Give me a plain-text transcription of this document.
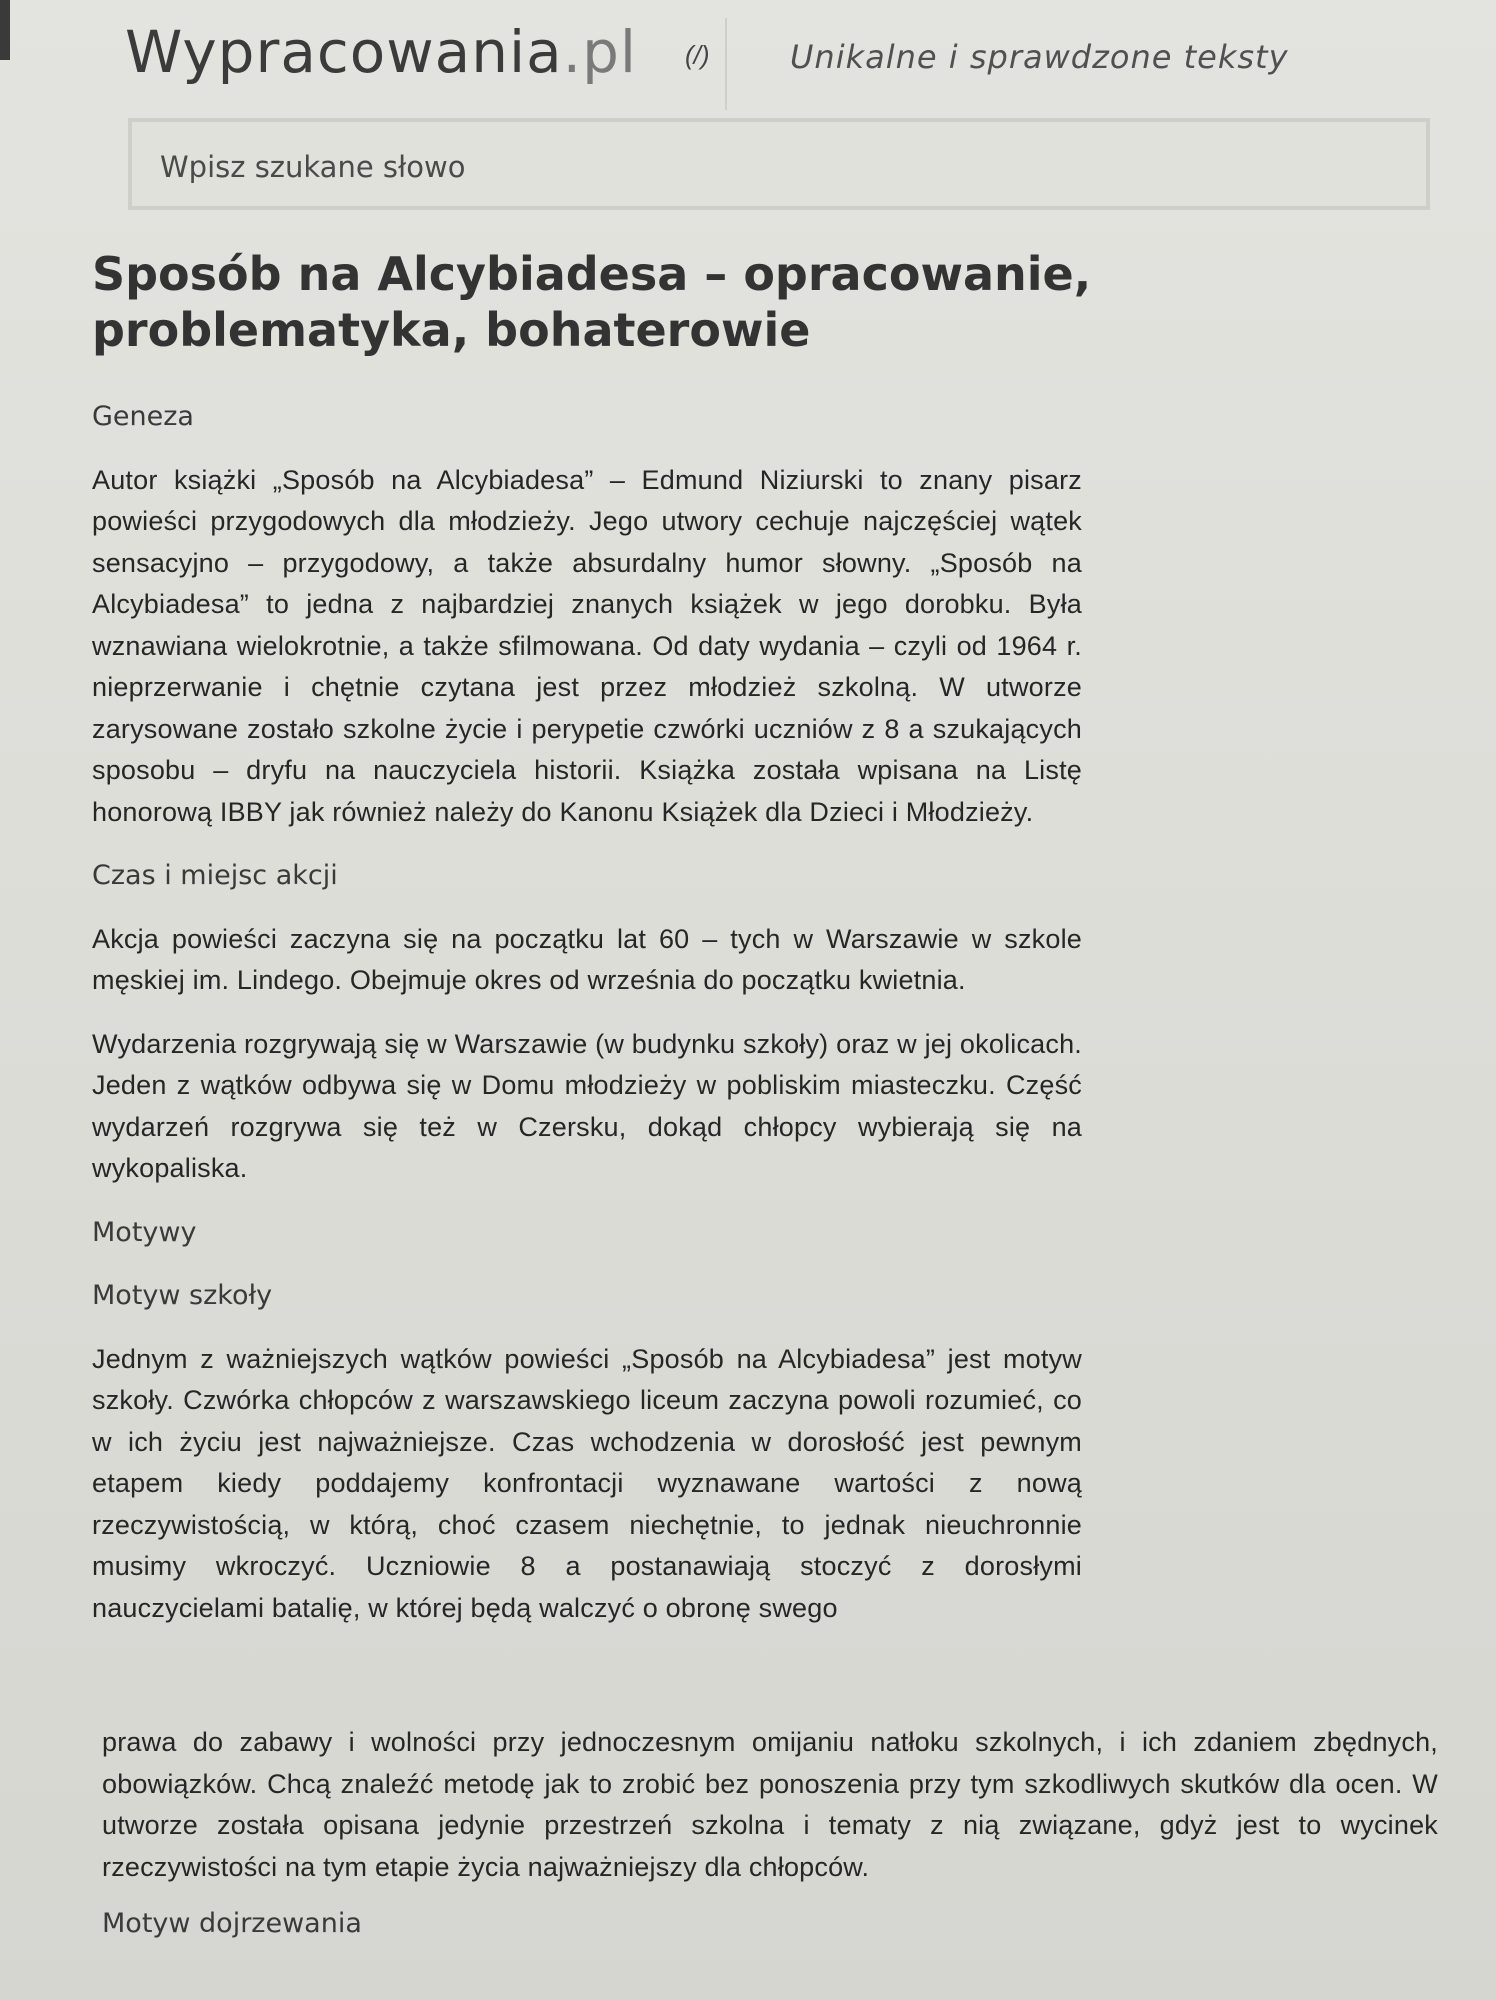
Wypracowania.pl (/)	Unikalne i sprawdzone teksty
Wpisz szukane słowo
Sposób na Alcybiadesa – opracowanie, problematyka, bohaterowie

Geneza

Autor książki „Sposób na Alcybiadesa” – Edmund Niziurski to znany pisarz powieści przygodowych dla młodzieży. Jego utwory cechuje najczęściej wątek sensacyjno – przygodowy, a także absurdalny humor słowny. „Sposób na Alcybiadesa” to jedna z najbardziej znanych książek w jego dorobku. Była wznawiana wielokrotnie, a także sfilmowana. Od daty wydania – czyli od 1964 r. nieprzerwanie i chętnie czytana jest przez młodzież szkolną. W utworze zarysowane zostało szkolne życie i perypetie czwórki uczniów z 8 a szukających sposobu – dryfu na nauczyciela historii. Książka została wpisana na Listę honorową IBBY jak również należy do Kanonu Książek dla Dzieci i Młodzieży.

Czas i miejsc akcji

Akcja powieści zaczyna się na początku lat 60 – tych w Warszawie w szkole męskiej im. Lindego. Obejmuje okres od września do początku kwietnia.

Wydarzenia rozgrywają się w Warszawie (w budynku szkoły) oraz w jej okolicach. Jeden z wątków odbywa się w Domu młodzieży w pobliskim miasteczku. Część wydarzeń rozgrywa się też w Czersku, dokąd chłopcy wybierają się na wykopaliska.

Motywy

Motyw szkoły

Jednym z ważniejszych wątków powieści „Sposób na Alcybiadesa” jest motyw szkoły. Czwórka chłopców z warszawskiego liceum zaczyna powoli rozumieć, co w ich życiu jest najważniejsze. Czas wchodzenia w dorosłość jest pewnym etapem kiedy poddajemy konfrontacji wyznawane wartości z nową rzeczywistością, w którą, choć czasem niechętnie, to jednak nieuchronnie musimy wkroczyć. Uczniowie 8 a postanawiają stoczyć z dorosłymi nauczycielami batalię, w której będą walczyć o obronę swego

prawa do zabawy i wolności przy jednoczesnym omijaniu natłoku szkolnych, i ich zdaniem zbędnych, obowiązków. Chcą znaleźć metodę jak to zrobić bez ponoszenia przy tym szkodliwych skutków dla ocen. W utworze została opisana jedynie przestrzeń szkolna i tematy z nią związane, gdyż jest to wycinek rzeczywistości na tym etapie życia najważniejszy dla chłopców.

Motyw dojrzewania
